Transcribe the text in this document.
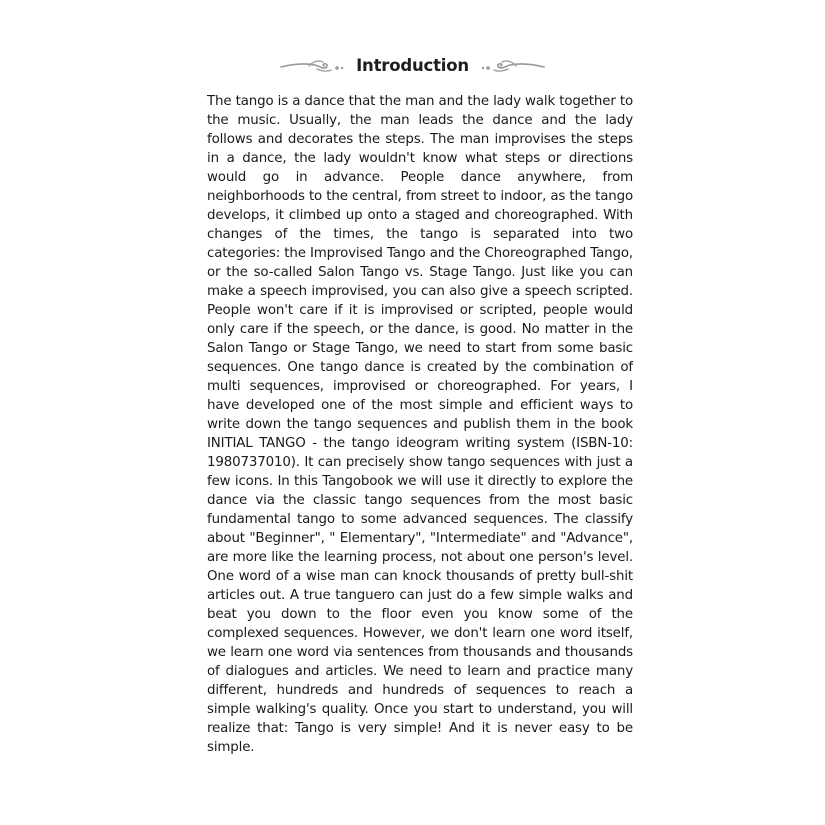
Introduction

The tango is a dance that the man and the lady walk together to the music. Usually, the man leads the dance and the lady follows and decorates the steps. The man improvises the steps in a dance, the lady wouldn't know what steps or directions would go in advance. People dance anywhere, from neighborhoods to the central, from street to indoor, as the tango develops, it climbed up onto a staged and choreographed. With changes of the times, the tango is separated into two categories: the Improvised Tango and the Choreographed Tango, or the so-called Salon Tango vs. Stage Tango. Just like you can make a speech improvised, you can also give a speech scripted. People won't care if it is improvised or scripted, people would only care if the speech, or the dance, is good. No matter in the Salon Tango or Stage Tango, we need to start from some basic sequences. One tango dance is created by the combination of multi sequences, improvised or choreographed. For years, I have developed one of the most simple and efficient ways to write down the tango sequences and publish them in the book INITIAL TANGO - the tango ideogram writing system (ISBN-10: 1980737010). It can precisely show tango sequences with just a few icons. In this Tangobook we will use it directly to explore the dance via the classic tango sequences from the most basic fundamental tango to some advanced sequences. The classify about "Beginner", " Elementary", "Intermediate" and "Advance", are more like the learning process, not about one person's level. One word of a wise man can knock thousands of pretty bull-shit articles out. A true tanguero can just do a few simple walks and beat you down to the floor even you know some of the complexed sequences. However, we don't learn one word itself, we learn one word via sentences from thousands and thousands of dialogues and articles. We need to learn and practice many different, hundreds and hundreds of sequences to reach a simple walking's quality. Once you start to understand, you will realize that: Tango is very simple! And it is never easy to be simple.
